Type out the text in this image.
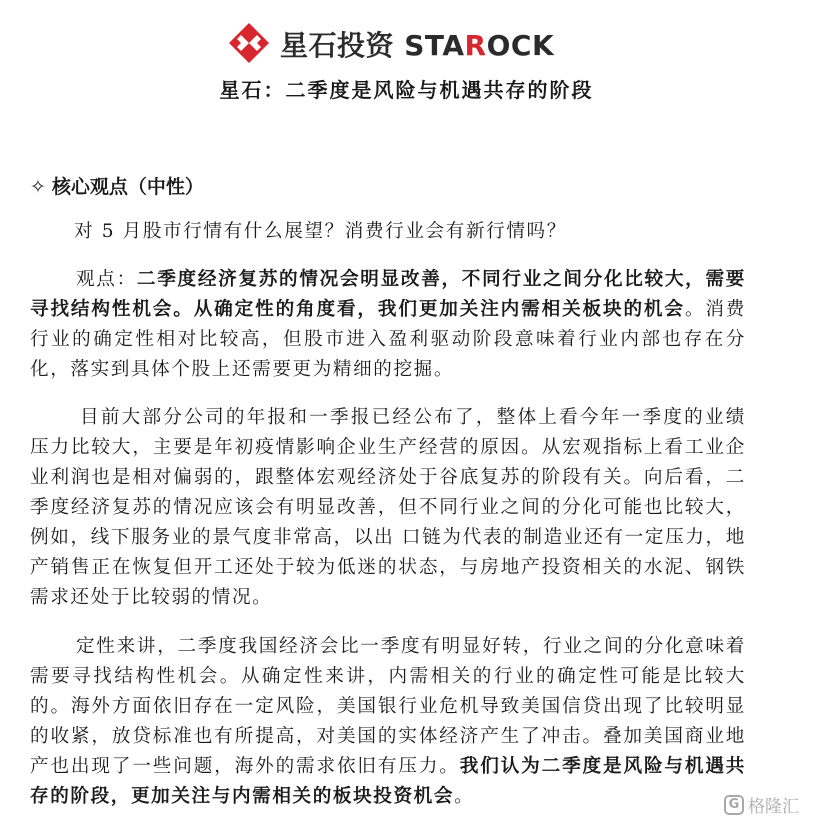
星石投资 STAROCK
星石：二季度是风险与机遇共存的阶段
✧ 核心观点（中性）
对 5 月股市行情有什么展望？消费行业会有新行情吗？
观点：二季度经济复苏的情况会明显改善，不同行业之间分化比较大，需要寻找结构性机会。从确定性的角度看，我们更加关注内需相关板块的机会。消费行业的确定性相对比较高，但股市进入盈利驱动阶段意味着行业内部也存在分化，落实到具体个股上还需要更为精细的挖掘。
目前大部分公司的年报和一季报已经公布了，整体上看今年一季度的业绩压力比较大，主要是年初疫情影响企业生产经营的原因。从宏观指标上看工业企业利润也是相对偏弱的，跟整体宏观经济处于谷底复苏的阶段有关。向后看，二季度经济复苏的情况应该会有明显改善，但不同行业之间的分化可能也比较大，例如，线下服务业的景气度非常高，以出 口链为代表的制造业还有一定压力，地产销售正在恢复但开工还处于较为低迷的状态，与房地产投资相关的水泥、钢铁需求还处于比较弱的情况。
定性来讲，二季度我国经济会比一季度有明显好转，行业之间的分化意味着需要寻找结构性机会。从确定性来讲，内需相关的行业的确定性可能是比较大的。海外方面依旧存在一定风险，美国银行业危机导致美国信贷出现了比较明显的收紧，放贷标准也有所提高，对美国的实体经济产生了冲击。叠加美国商业地产也出现了一些问题，海外的需求依旧有压力。我们认为二季度是风险与机遇共存的阶段，更加关注与内需相关的板块投资机会。	G 格隆汇
